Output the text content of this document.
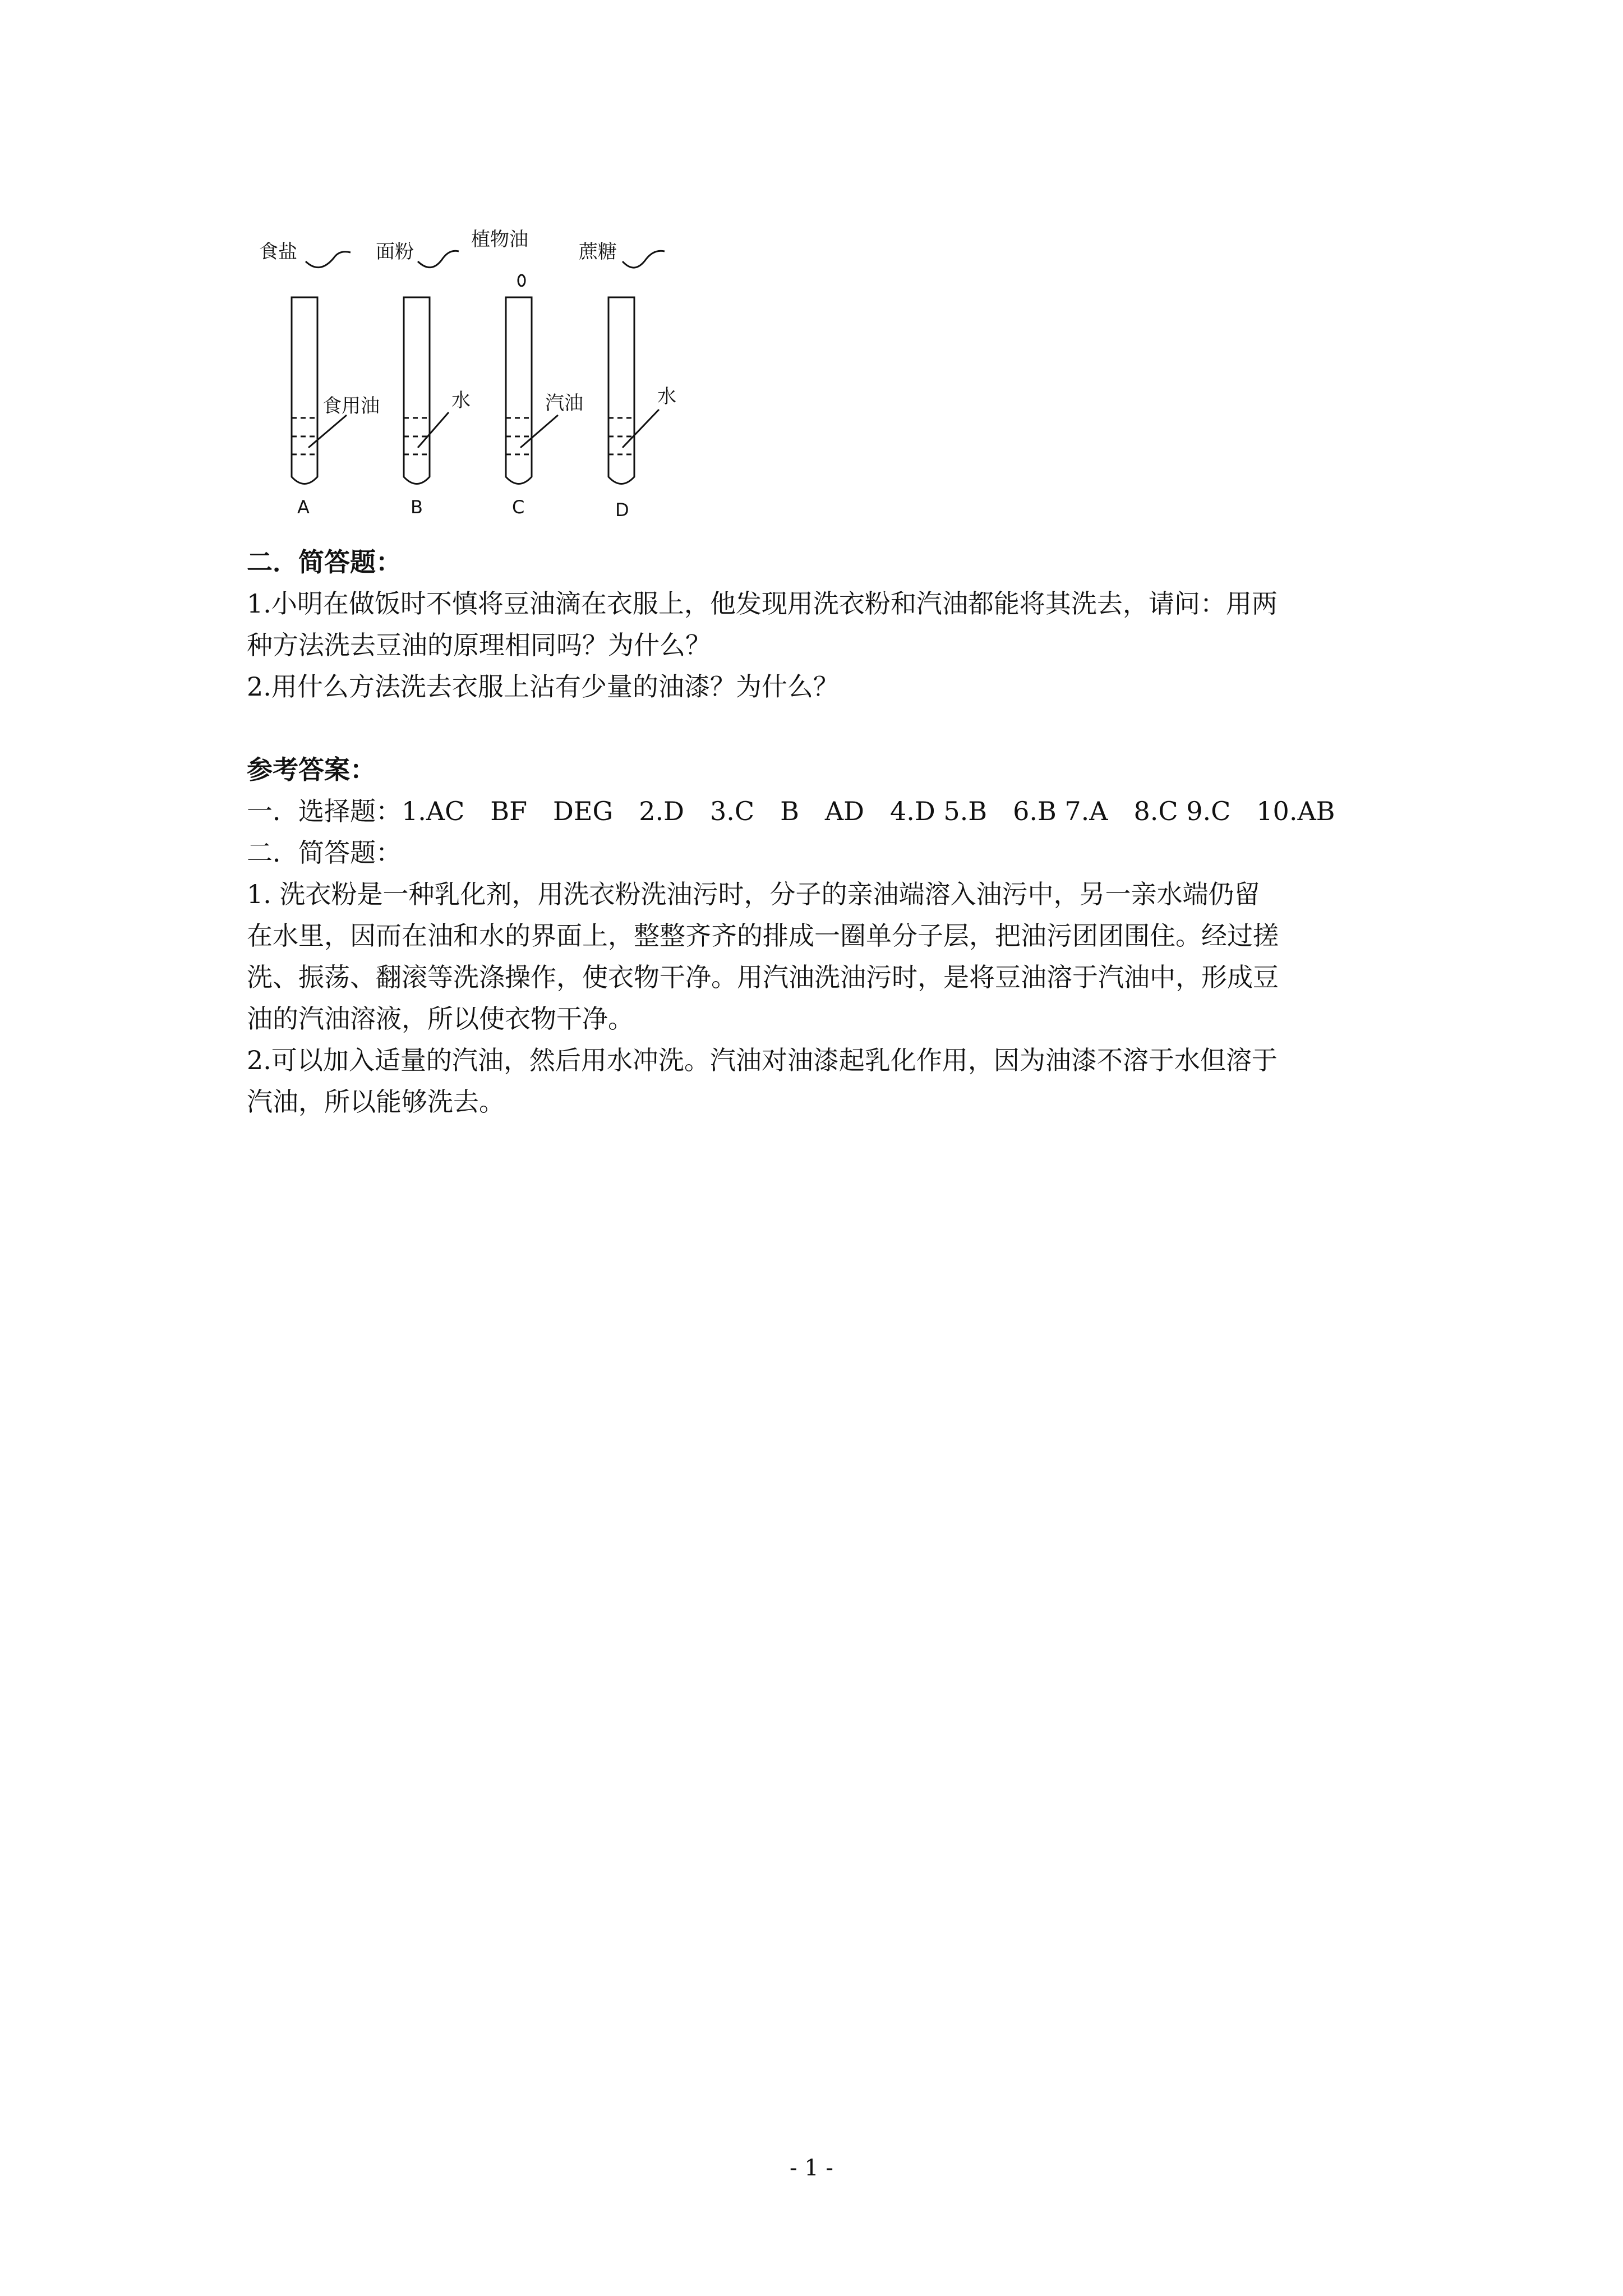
食盐	面粉
植物油
蔗糖
食用油	水	汽油	水
A	B	C	D

二．简答题：

1.小明在做饭时不慎将豆油滴在衣服上，他发现用洗衣粉和汽油都能将其洗去，请问：用两

种方法洗去豆油的原理相同吗？为什么？

2.用什么方法洗去衣服上沾有少量的油漆？为什么？

参考答案：

一．选择题：1.AC　BF　DEG　2.D　3.C　B　AD　4.D 5.B　6.B 7.A　8.C 9.C　10.AB

二．简答题：

1. 洗衣粉是一种乳化剂，用洗衣粉洗油污时，分子的亲油端溶入油污中，另一亲水端仍留

在水里，因而在油和水的界面上，整整齐齐的排成一圈单分子层，把油污团团围住。经过搓

洗、振荡、翻滚等洗涤操作，使衣物干净。用汽油洗油污时，是将豆油溶于汽油中，形成豆

油的汽油溶液，所以使衣物干净。

2.可以加入适量的汽油，然后用水冲洗。汽油对油漆起乳化作用，因为油漆不溶于水但溶于

汽油，所以能够洗去。

- 1 -
